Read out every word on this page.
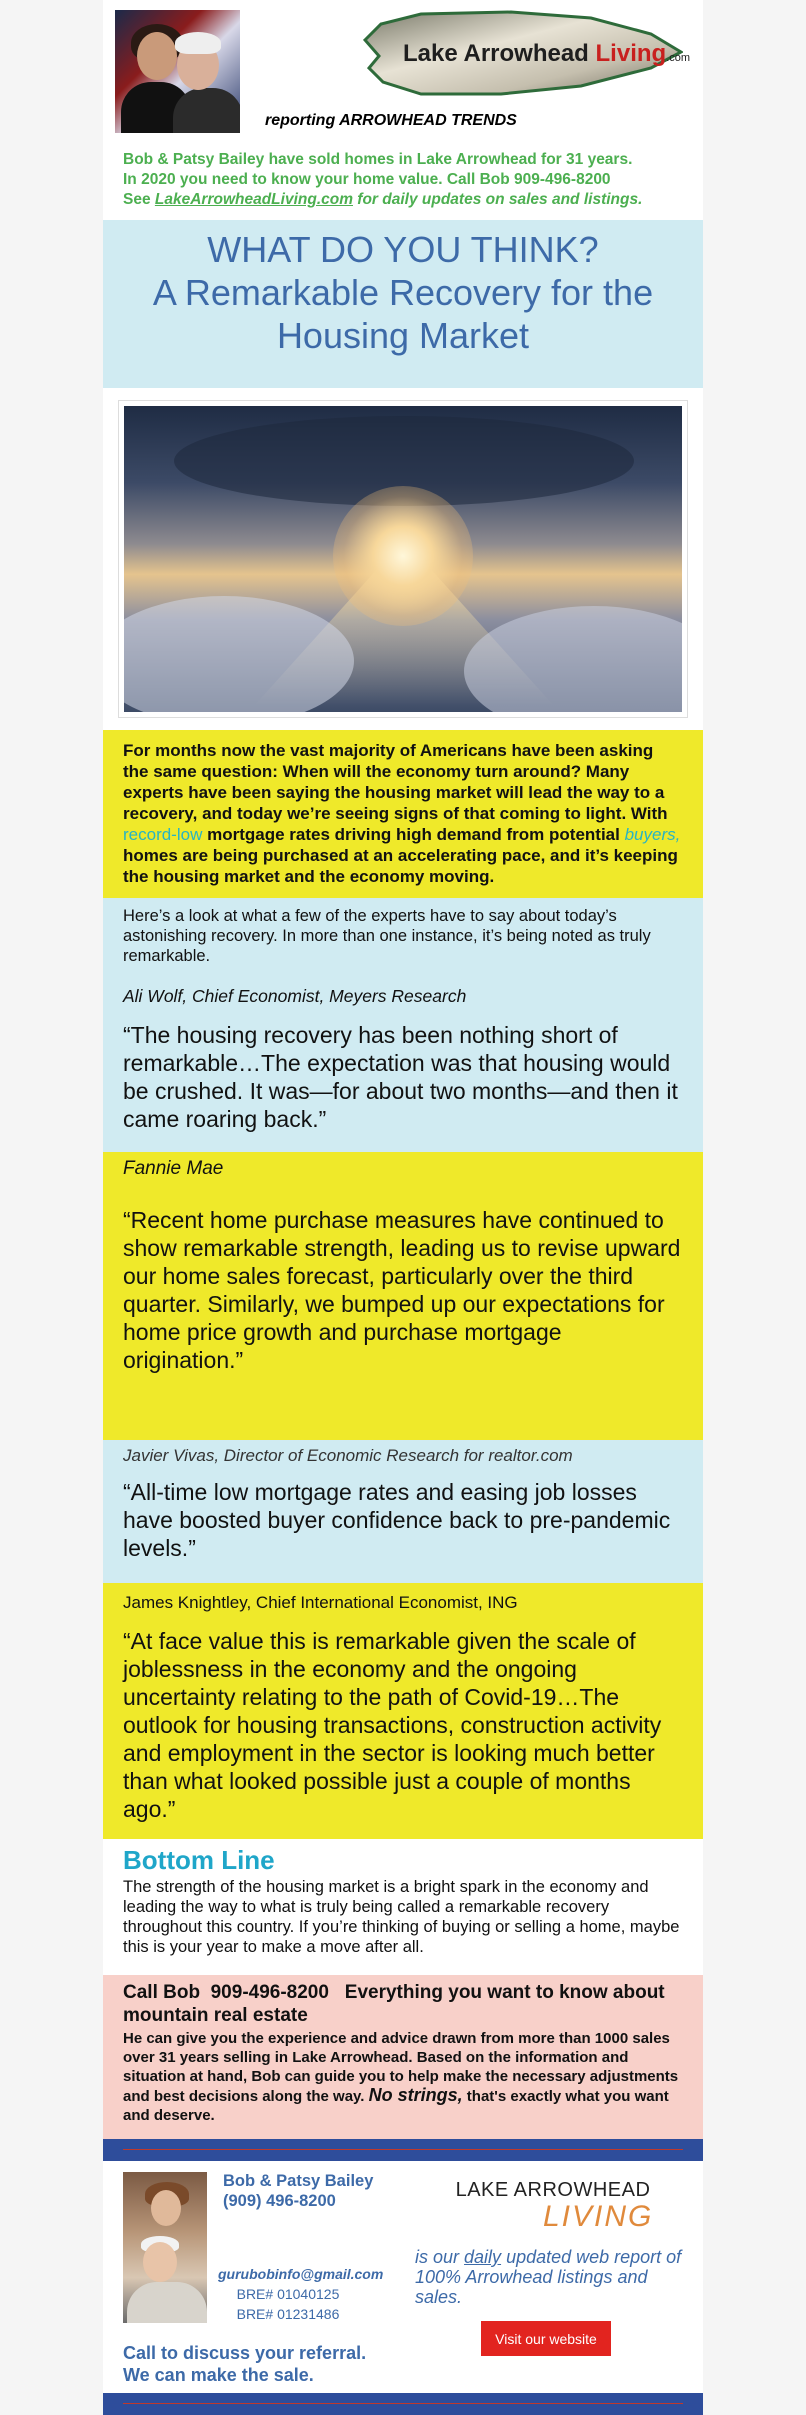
Lake Arrowhead Living.com
reporting ARROWHEAD TRENDS
Bob & Patsy Bailey have sold homes in Lake Arrowhead for 31 years.
In 2020 you need to know your home value. Call Bob 909-496-8200
See LakeArrowheadLiving.com for daily updates on sales and listings.
WHAT DO YOU THINK?
A Remarkable Recovery for the Housing Market
For months now the vast majority of Americans have been asking the same question: When will the economy turn around? Many experts have been saying the housing market will lead the way to a recovery, and today we’re seeing signs of that coming to light. With record-low mortgage rates driving high demand from potential buyers, homes are being purchased at an accelerating pace, and it’s keeping the housing market and the economy moving.
Here’s a look at what a few of the experts have to say about today’s astonishing recovery. In more than one instance, it’s being noted as truly remarkable.
Ali Wolf, Chief Economist, Meyers Research
“The housing recovery has been nothing short of remarkable…The expectation was that housing would be crushed. It was—for about two months—and then it came roaring back.”
Fannie Mae
“Recent home purchase measures have continued to show remarkable strength, leading us to revise upward our home sales forecast, particularly over the third quarter. Similarly, we bumped up our expectations for home price growth and purchase mortgage origination.”
Javier Vivas, Director of Economic Research for realtor.com
“All-time low mortgage rates and easing job losses have boosted buyer confidence back to pre-pandemic levels.”
James Knightley, Chief International Economist, ING
“At face value this is remarkable given the scale of joblessness in the economy and the ongoing uncertainty relating to the path of Covid-19…The outlook for housing transactions, construction activity and employment in the sector is looking much better than what looked possible just a couple of months ago.”
Bottom Line
The strength of the housing market is a bright spark in the economy and leading the way to what is truly being called a remarkable recovery throughout this country. If you’re thinking of buying or selling a home, maybe this is your year to make a move after all.
Call Bob  909-496-8200   Everything you want to know about mountain real estate
He can give you the experience and advice drawn from more than 1000 sales over 31 years selling in Lake Arrowhead. Based on the information and situation at hand, Bob can guide you to help make the necessary adjustments and best decisions along the way. No strings, that's exactly what you want and deserve.
Bob & Patsy Bailey
(909) 496-8200
gurubobinfo@gmail.com
BRE# 01040125
BRE# 01231486
Call to discuss your referral. We can make the sale.
LAKE ARROWHEAD
LIVING
is our daily updated web report of 100% Arrowhead listings and sales.
Visit our website
